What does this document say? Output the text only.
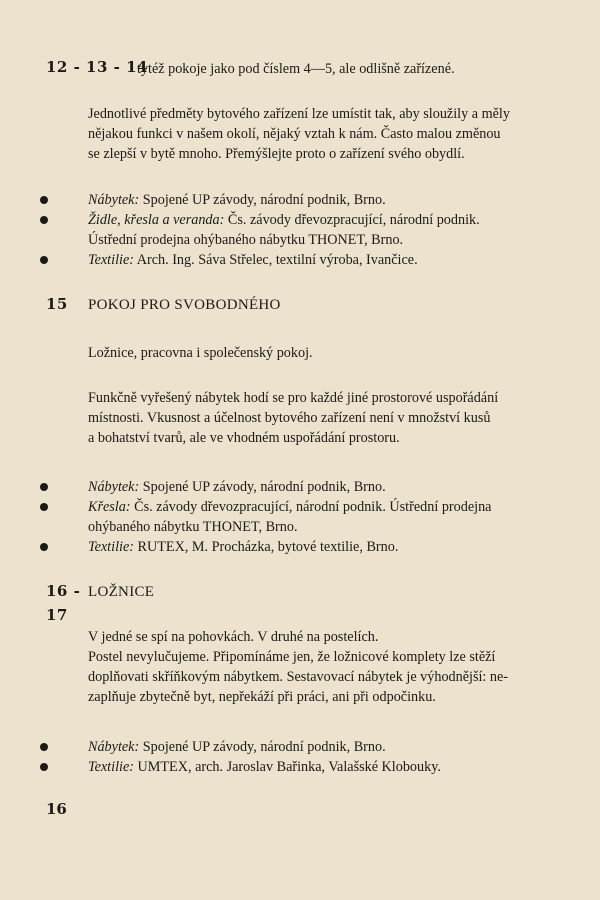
12 - 13 - 14
tytéž pokoje jako pod číslem 4—5, ale odlišně zařízené.
Jednotlivé předměty bytového zařízení lze umístit tak, aby sloužily a měly
nějakou funkci v našem okolí, nějaký vztah k nám. Často malou změnou
se zlepší v bytě mnoho. Přemýšlejte proto o zařízení svého obydlí.
Nábytek: Spojené UP závody, národní podnik, Brno.
Židle, křesla a veranda: Čs. závody dřevozpracující, národní podnik.
Ústřední prodejna ohýbaného nábytku THONET, Brno.
Textilie: Arch. Ing. Sáva Střelec, textilní výroba, Ivančice.
15 POKOJ PRO SVOBODNÉHO
Ložnice, pracovna i společenský pokoj.
Funkčně vyřešený nábytek hodí se pro každé jiné prostorové uspořádání
místnosti. Vkusnost a účelnost bytového zařízení není v množství kusů
a bohatství tvarů, ale ve vhodném uspořádání prostoru.
Nábytek: Spojené UP závody, národní podnik, Brno.
Křesla: Čs. závody dřevozpracující, národní podnik. Ústřední prodejna
ohýbaného nábytku THONET, Brno.
Textilie: RUTEX, M. Procházka, bytové textilie, Brno.
16 -
17
LOŽNICE
V jedné se spí na pohovkách. V druhé na postelích.
Postel nevylučujeme. Připomínáme jen, že ložnicové komplety lze stěží
doplňovati skříňkovým nábytkem. Sestavovací nábytek je výhodnější: ne-
zaplňuje zbytečně byt, nepřekáží při práci, ani při odpočinku.
Nábytek: Spojené UP závody, národní podnik, Brno.
Textilie: UMTEX, arch. Jaroslav Bařinka, Valašské Klobouky.
16
